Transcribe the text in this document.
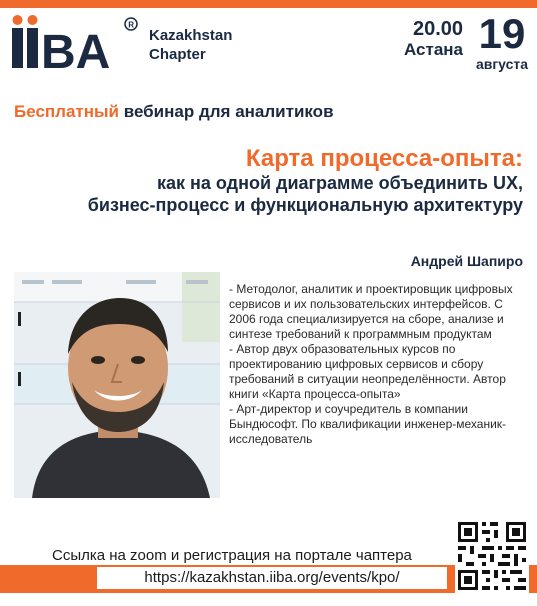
BA
R
Kazakhstan
Chapter
20.00
Астана 19
августа
Бесплатный вебинар для аналитиков
Карта процесса-опыта:
как на одной диаграмме объединить UX,
бизнес-процесс и функциональную архитектуру
Андрей Шапиро

- Методолог, аналитик и проектировщик цифровых сервисов и их пользовательских интерфейсов. С 2006 года специализируется на сборе, анализе и синтезе требований к программным продуктам

- Автор двух образовательных курсов по проектированию цифровых сервисов и сбору требований в ситуации неопределённости. Автор книги «Карта процесса-опыта»

- Арт-директор и соучредитель в компании Бындюсофт. По квалификации инженер-механик-исследователь

Ссылка на zoom и регистрация на портале чаптера
https://kazakhstan.iiba.org/events/kpo/
